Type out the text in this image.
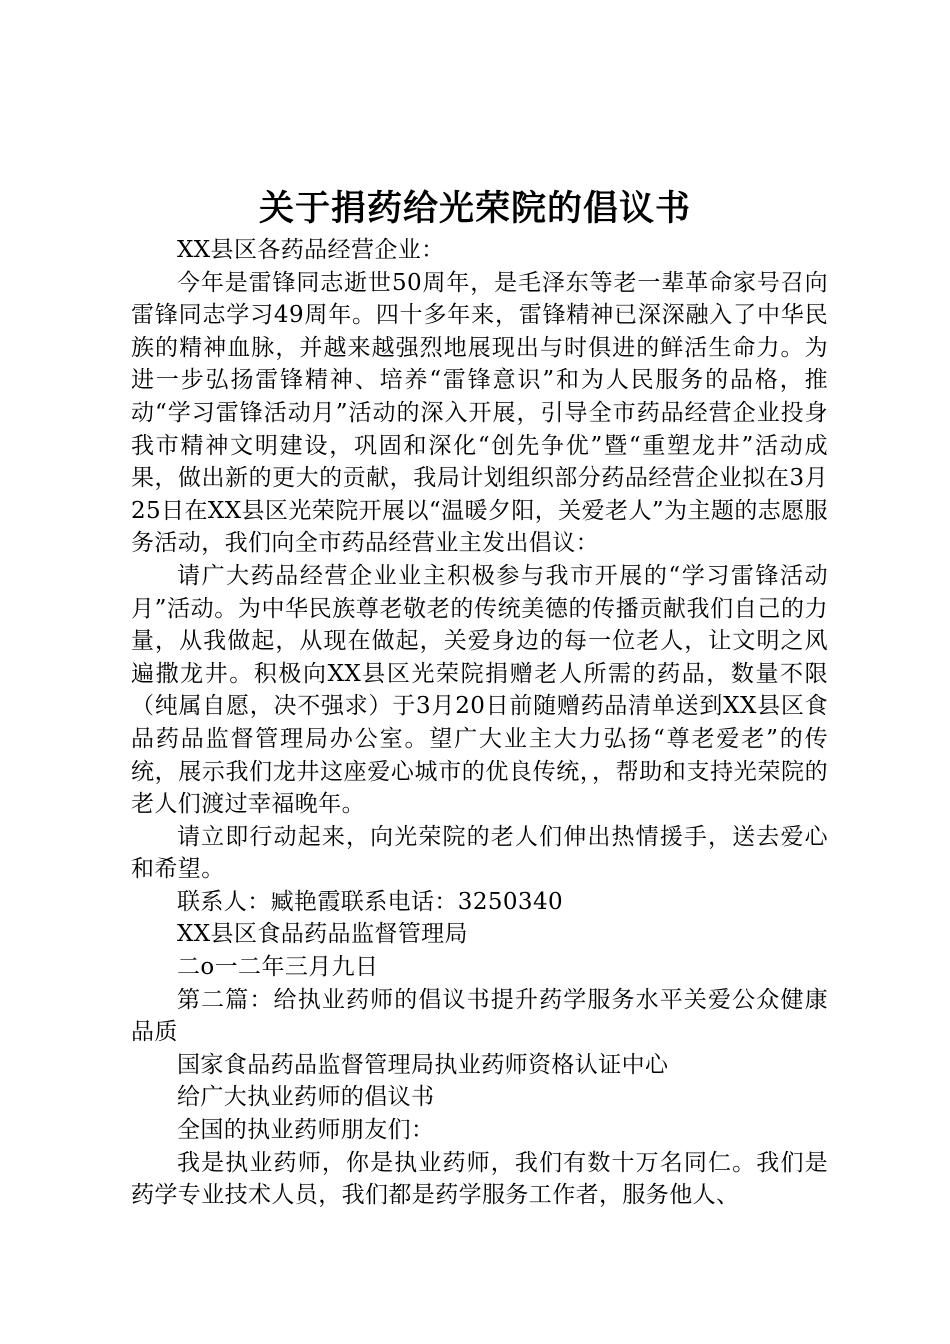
关于捐药给光荣院的倡议书

XX县区各药品经营企业：

今年是雷锋同志逝世50周年，是毛泽东等老一辈革命家号召向雷锋同志学习49周年。四十多年来，雷锋精神已深深融入了中华民族的精神血脉，并越来越强烈地展现出与时俱进的鲜活生命力。为进一步弘扬雷锋精神、培养“雷锋意识”和为人民服务的品格，推动“学习雷锋活动月”活动的深入开展，引导全市药品经营企业投身我市精神文明建设，巩固和深化“创先争优”暨“重塑龙井”活动成果，做出新的更大的贡献，我局计划组织部分药品经营企业拟在3月25日在XX县区光荣院开展以“温暖夕阳，关爱老人”为主题的志愿服务活动，我们向全市药品经营业主发出倡议：

请广大药品经营企业业主积极参与我市开展的“学习雷锋活动月”活动。为中华民族尊老敬老的传统美德的传播贡献我们自己的力量，从我做起，从现在做起，关爱身边的每一位老人，让文明之风遍撒龙井。积极向XX县区光荣院捐赠老人所需的药品，数量不限（纯属自愿，决不强求）于3月20日前随赠药品清单送到XX县区食品药品监督管理局办公室。望广大业主大力弘扬“尊老爱老”的传统，展示我们龙井这座爱心城市的优良传统，，帮助和支持光荣院的老人们渡过幸福晚年。

请立即行动起来，向光荣院的老人们伸出热情援手，送去爱心和希望。

联系人：臧艳霞联系电话：3250340

XX县区食品药品监督管理局

二o一二年三月九日

第二篇：给执业药师的倡议书提升药学服务水平关爱公众健康品质

国家食品药品监督管理局执业药师资格认证中心

给广大执业药师的倡议书

全国的执业药师朋友们：

我是执业药师，你是执业药师，我们有数十万名同仁。我们是药学专业技术人员，我们都是药学服务工作者，服务他人、
